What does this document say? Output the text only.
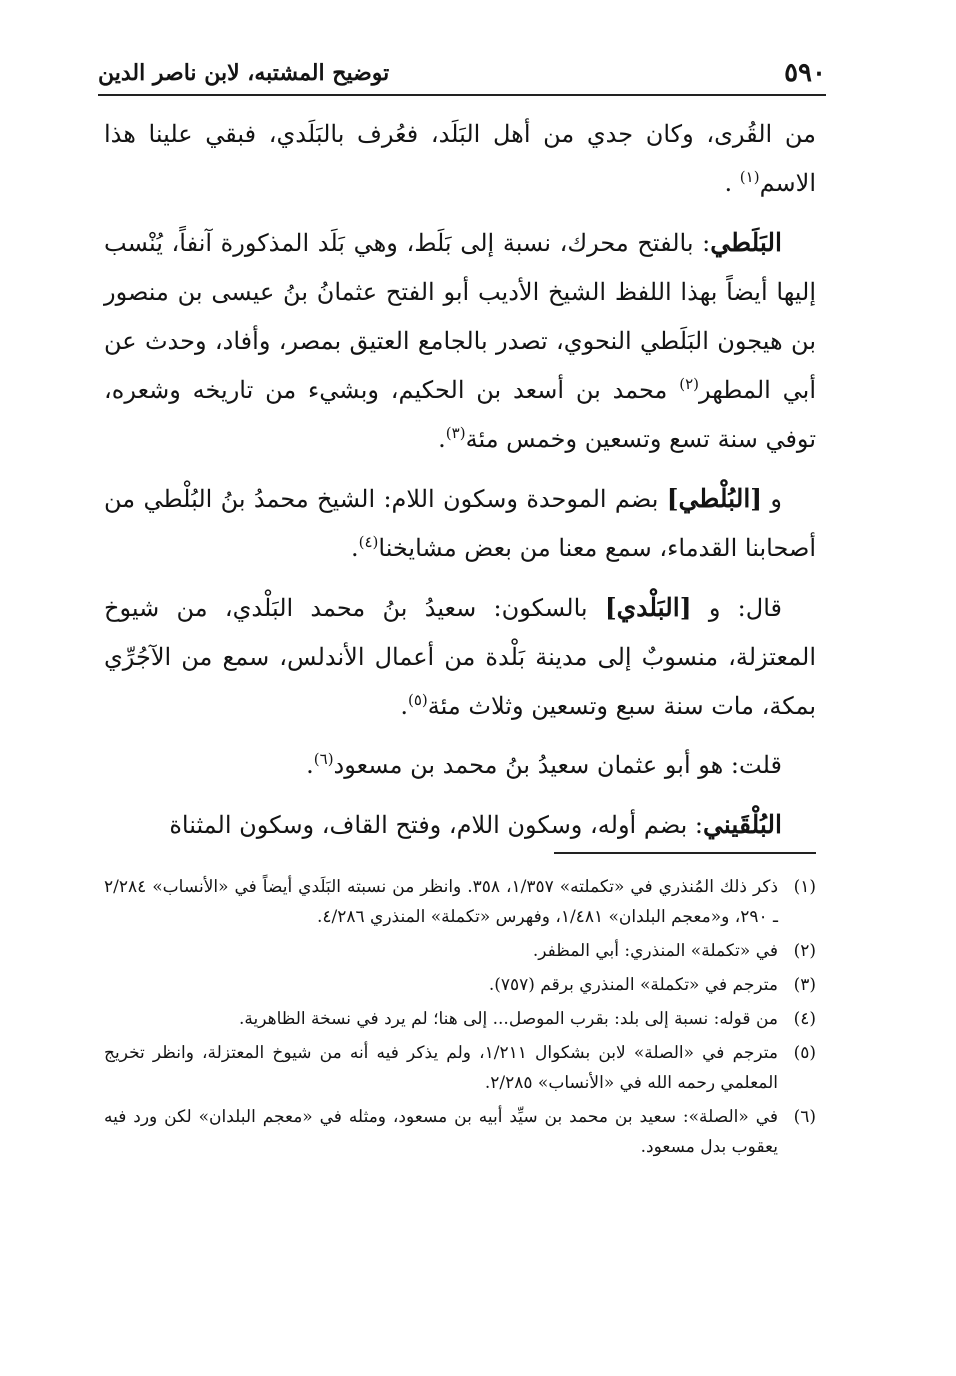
٥٩٠
توضيح المشتبه، لابن ناصر الدين

من القُرى، وكان جدي من أهل البَلَد، فعُرف بالبَلَدي، فبقي علينا هذا الاسم$^{(١)}$ .

البَلَطي: بالفتح محرك، نسبة إلى بَلَط، وهي بَلَد المذكورة آنفاً، يُنْسب إليها أيضاً بهذا اللفظ الشيخ الأديب أبو الفتح عثمانُ بنُ عيسى بن منصور بن هيجون البَلَطي النحوي، تصدر بالجامع العتيق بمصر، وأفاد، وحدث عن أبي المطهر$^{(٢)}$ محمد بن أسعد بن الحكيم، وبشيء من تاريخه وشعره، توفي سنة تسع وتسعين وخمس مئة$^{(٣)}$.

و [البُلْطي] بضم الموحدة وسكون اللام: الشيخ محمدُ بنُ البُلْطي من أصحابنا القدماء، سمع معنا من بعض مشايخنا$^{(٤)}$.

قال: و [البَلْدي] بالسكون: سعيدُ بنُ محمد البَلْدي، من شيوخ المعتزلة، منسوبٌ إلى مدينة بَلْدة من أعمال الأندلس، سمع من الآجُرِّي بمكة، مات سنة سبع وتسعين وثلاث مئة$^{(٥)}$.

قلت: هو أبو عثمان سعيدُ بنُ محمد بن مسعود$^{(٦)}$.

البُلْقَيني: بضم أوله، وسكون اللام، وفتح القاف، وسكون المثناة

(١)
ذكر ذلك المُنذري في «تكملته» ١/٣٥٧، ٣٥٨. وانظر من نسبته البَلَدي أيضاً في «الأنساب» ٢/٢٨٤ ـ ٢٩٠، و«معجم البلدان» ١/٤٨١، وفهرس «تكملة» المنذري ٤/٢٨٦.
(٢)
في «تكملة» المنذري: أبي المظفر.
(٣)
مترجم في «تكملة» المنذري برقم (٧٥٧).
(٤)
من قوله: نسبة إلى بلد: بقرب الموصل... إلى هنا؛ لم يرد في نسخة الظاهرية.
(٥)
مترجم في «الصلة» لابن بشكوال ١/٢١١، ولم يذكر فيه أنه من شيوخ المعتزلة، وانظر تخريج المعلمي رحمه الله في «الأنساب» ٢/٢٨٥.
(٦)
في «الصلة»: سعيد بن محمد بن سيِّد أبيه بن مسعود، ومثله في «معجم البلدان» لكن ورد فيه يعقوب بدل مسعود.
